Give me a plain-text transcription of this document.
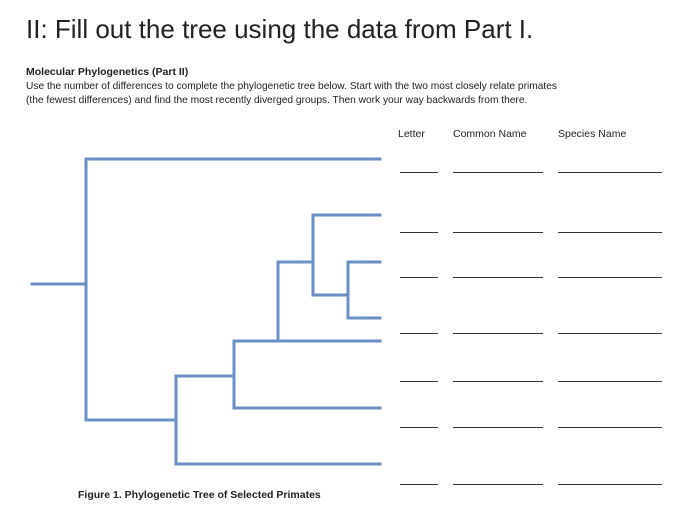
II: Fill out the tree using the data from Part I.
Molecular Phylogenetics (Part II)
Use the number of differences to complete the phylogenetic tree below. Start with the two most closely relate primates
(the fewest differences) and find the most recently diverged groups. Then work your way backwards from there.
Letter	Common Name	Species Name
Figure 1. Phylogenetic Tree of Selected Primates
